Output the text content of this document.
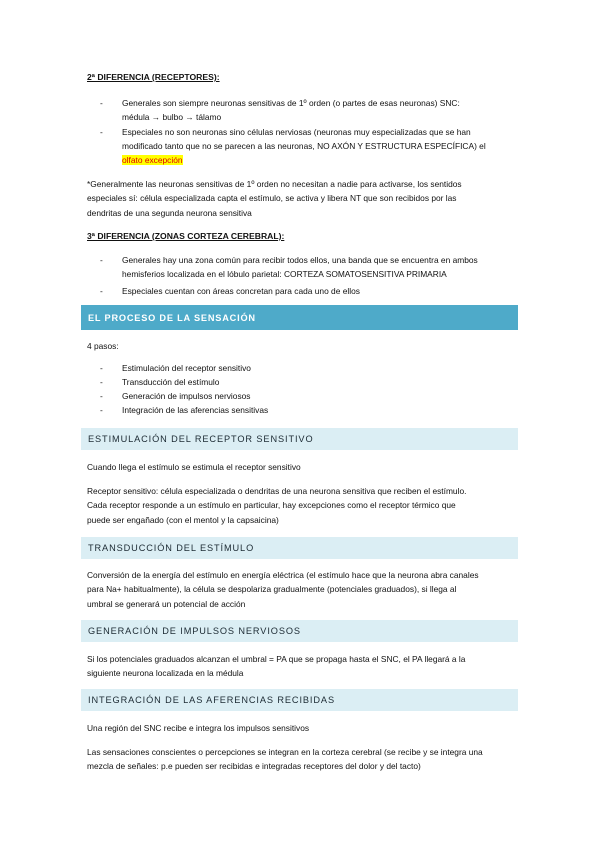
2ª DIFERENCIA (RECEPTORES):
- Generales son siempre neuronas sensitivas de 1º orden (o partes de esas neuronas) SNC:
médula → bulbo → tálamo
- Especiales no son neuronas sino células nerviosas (neuronas muy especializadas que se han
modificado tanto que no se parecen a las neuronas, NO AXÓN Y ESTRUCTURA ESPECÍFICA) el
olfato excepción

*Generalmente las neuronas sensitivas de 1º orden no necesitan a nadie para activarse, los sentidos
especiales sí: célula especializada capta el estímulo, se activa y libera NT que son recibidos por las
dendritas de una segunda neurona sensitiva

3ª DIFERENCIA (ZONAS CORTEZA CEREBRAL):
- Generales hay una zona común para recibir todos ellos, una banda que se encuentra en ambos
hemisferios localizada en el lóbulo parietal: CORTEZA SOMATOSENSITIVA PRIMARIA
- Especiales cuentan con áreas concretan para cada uno de ellos
EL PROCESO DE LA SENSACIÓN

4 pasos:

- Estimulación del receptor sensitivo
- Transducción del estímulo
- Generación de impulsos nerviosos
- Integración de las aferencias sensitivas
ESTIMULACIÓN DEL RECEPTOR SENSITIVO

Cuando llega el estímulo se estimula el receptor sensitivo

Receptor sensitivo: célula especializada o dendritas de una neurona sensitiva que reciben el estímulo.
Cada receptor responde a un estímulo en particular, hay excepciones como el receptor térmico que
puede ser engañado (con el mentol y la capsaicina)

TRANSDUCCIÓN DEL ESTÍMULO

Conversión de la energía del estímulo en energía eléctrica (el estímulo hace que la neurona abra canales
para Na+ habitualmente), la célula se despolariza gradualmente (potenciales graduados), si llega al
umbral se generará un potencial de acción

GENERACIÓN DE IMPULSOS NERVIOSOS

Si los potenciales graduados alcanzan el umbral = PA que se propaga hasta el SNC, el PA llegará a la
siguiente neurona localizada en la médula

INTEGRACIÓN DE LAS AFERENCIAS RECIBIDAS

Una región del SNC recibe e integra los impulsos sensitivos

Las sensaciones conscientes o percepciones se integran en la corteza cerebral (se recibe y se integra una
mezcla de señales: p.e pueden ser recibidas e integradas receptores del dolor y del tacto)
